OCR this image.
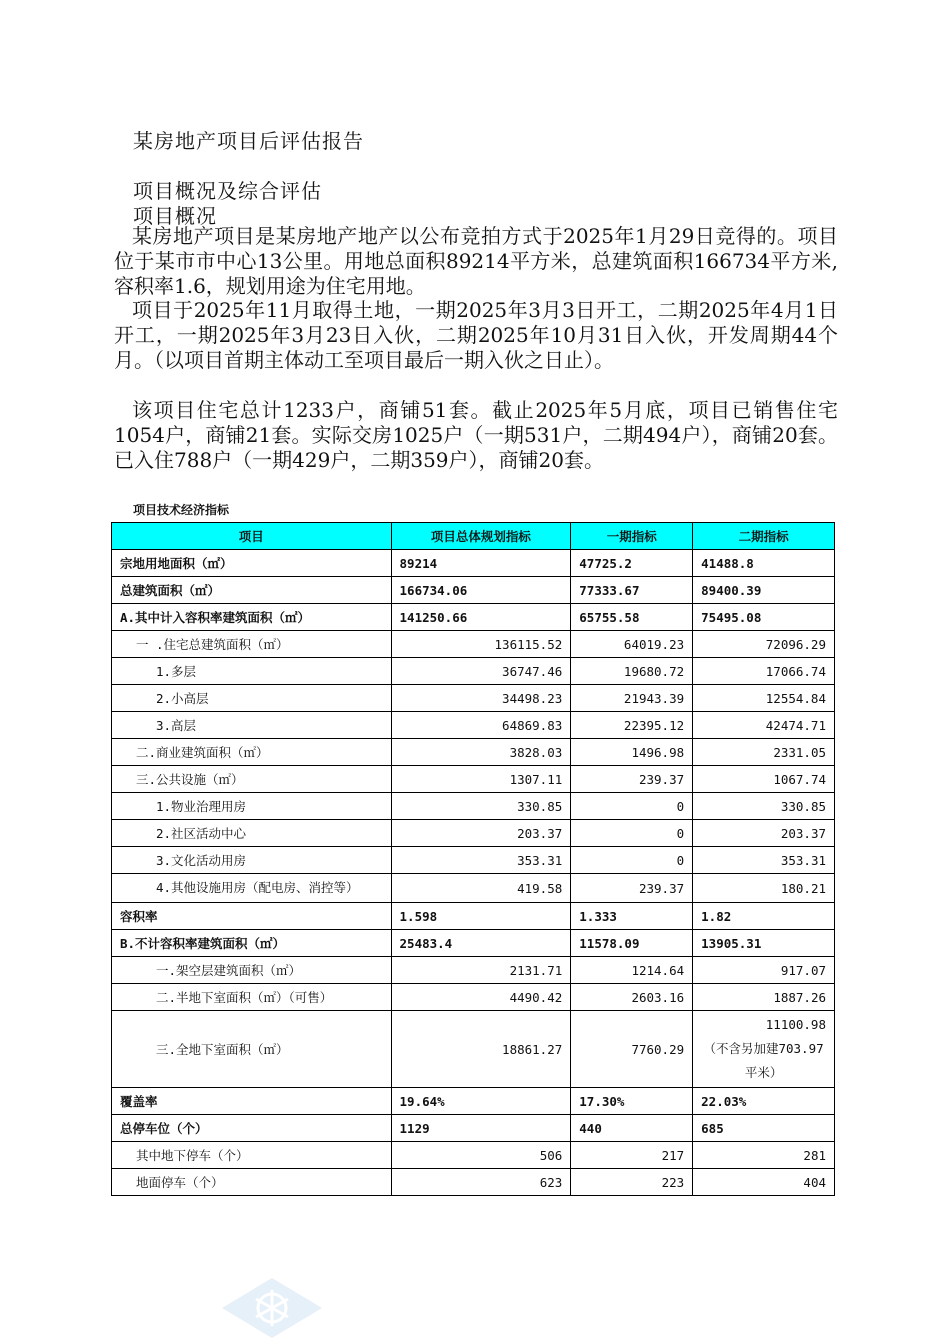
某房地产项目后评估报告
项目概况及综合评估
项目概况
某房地产项目是某房地产地产以公布竞拍方式于2025年1月29日竞得的。项目位于某市市中心13公里。用地总面积89214平方米，总建筑面积166734平方米,容积率1.6，规划用途为住宅用地。
项目于2025年11月取得土地，一期2025年3月3日开工，二期2025年4月1日开工，一期2025年3月23日入伙，二期2025年10月31日入伙，开发周期44个月。（以项目首期主体动工至项目最后一期入伙之日止）。
该项目住宅总计1233户，商铺51套。截止2025年5月底，项目已销售住宅1054户，商铺21套。实际交房1025户（一期531户，二期494户），商铺20套。已入住788户（一期429户，二期359户），商铺20套。
项目技术经济指标
项目	项目总体规划指标	一期指标	二期指标
宗地用地面积（㎡）	89214	47725.2	41488.8
总建筑面积（㎡）	166734.06	77333.67	89400.39
A.其中计入容积率建筑面积（㎡）	141250.66	65755.58	75495.08
一 .住宅总建筑面积（㎡）	136115.52	64019.23	72096.29
1.多层	36747.46	19680.72	17066.74
2.小高层	34498.23	21943.39	12554.84
3.高层	64869.83	22395.12	42474.71
二.商业建筑面积（㎡）	3828.03	1496.98	2331.05
三.公共设施（㎡）	1307.11	239.37	1067.74
1.物业治理用房	330.85	0	330.85
2.社区活动中心	203.37	0	203.37
3.文化活动用房	353.31	0	353.31
4.其他设施用房（配电房、消控等）	419.58	239.37	180.21
容积率	1.598	1.333	1.82
B.不计容积率建筑面积（㎡）	25483.4	11578.09	13905.31
一.架空层建筑面积（㎡）	2131.71	1214.64	917.07
二.半地下室面积（㎡）（可售）	4490.42	2603.16	1887.26
三.全地下室面积（㎡）	18861.27	7760.29	11100.98
（不含另加建703.97平米）

覆盖率	19.64%	17.30%	22.03%
总停车位（个）	1129	440	685
其中地下停车（个）	506	217	281
地面停车（个）	623	223	404
